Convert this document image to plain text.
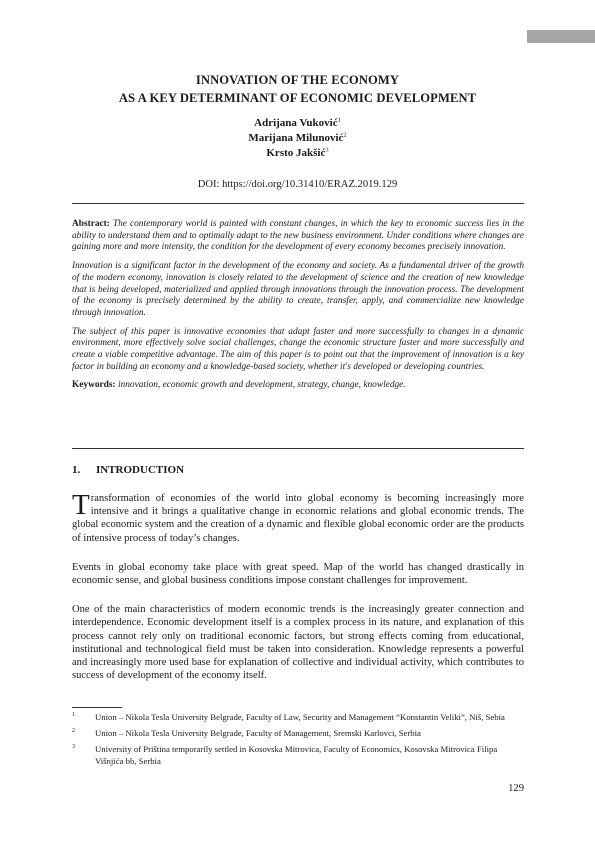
INNOVATION OF THE ECONOMY
AS A KEY DETERMINANT OF ECONOMIC DEVELOPMENT
Adrijana Vuković$^1$
Marijana Milunović$^2$
Krsto Jakšić$^3$
DOI: https://doi.org/10.31410/ERAZ.2019.129

Abstract: The contemporary world is painted with constant changes, in which the key to economic success lies in the ability to understand them and to optimally adapt to the new business environment. Under conditions where changes are gaining more and more intensity, the condition for the development of every economy becomes precisely innovation.

Innovation is a significant factor in the development of the economy and society. As a fundamental driver of the growth of the modern economy, innovation is closely related to the development of science and the creation of new knowledge that is being developed, materialized and applied through innovations through the innovation process. The development of the economy is precisely determined by the ability to create, transfer, apply, and commercialize new knowledge through innovation.

The subject of this paper is innovative economies that adapt faster and more successfully to changes in a dynamic environment, more effectively solve social challenges, change the economic structure faster and more successfully and create a viable competitive advantage. The aim of this paper is to point out that the improvement of innovation is a key factor in building an economy and a knowledge-based society, whether it's developed or developing countries.

Keywords: innovation, economic growth and development, strategy, change, knowledge.

1. INTRODUCTION

Transformation of economies of the world into global economy is becoming increasingly more intensive and it brings a qualitative change in economic relations and global economic trends. The global economic system and the creation of a dynamic and flexible global economic order are the products of intensive process of today’s changes.

Events in global economy take place with great speed. Map of the world has changed drastically in economic sense, and global business conditions impose constant challenges for improvement.

One of the main characteristics of modern economic trends is the increasingly greater connection and interdependence. Economic development itself is a complex process in its nature, and explanation of this process cannot rely only on traditional economic factors, but strong effects coming from educational, institutional and technological field must be taken into consideration. Knowledge represents a powerful and increasingly more used base for explanation of collective and individual activity, which contributes to success of development of the economy itself.

1 Union – Nikola Tesla University Belgrade, Faculty of Law, Security and Management “Konstantin Veliki”, Niš, Sebia
2 Union – Nikola Tesla University Belgrade, Faculty of Management, Sremski Karlovci, Serbia
3 University of Priština temporarily settled in Kosovska Mitrovica, Faculty of Economics, Kosovska Mitrovica Filipa Višnjića bb, Serbia
129
